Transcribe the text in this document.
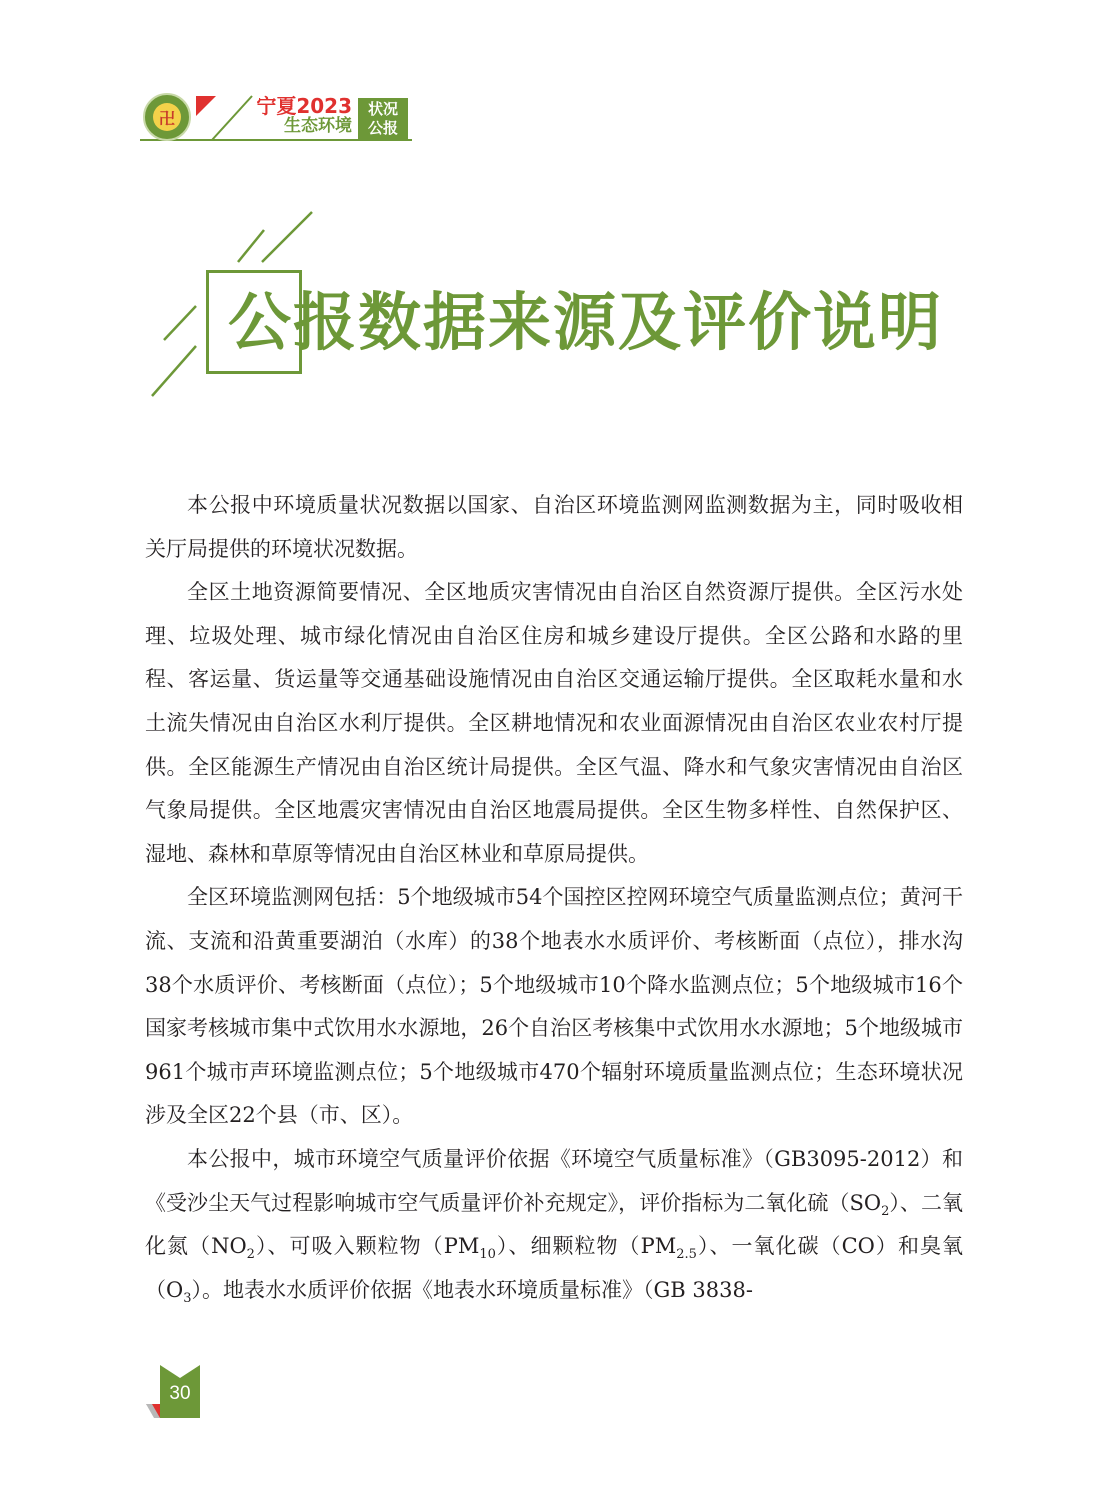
卍	宁夏2023
生态环境
状况
公报
公报数据来源及评价说明

本公报中环境质量状况数据以国家、自治区环境监测网监测数据为主，同时吸收相关厅局提供的环境状况数据。

全区土地资源简要情况、全区地质灾害情况由自治区自然资源厅提供。全区污水处理、垃圾处理、城市绿化情况由自治区住房和城乡建设厅提供。全区公路和水路的里程、客运量、货运量等交通基础设施情况由自治区交通运输厅提供。全区取耗水量和水土流失情况由自治区水利厅提供。全区耕地情况和农业面源情况由自治区农业农村厅提供。全区能源生产情况由自治区统计局提供。全区气温、降水和气象灾害情况由自治区气象局提供。全区地震灾害情况由自治区地震局提供。全区生物多样性、自然保护区、湿地、森林和草原等情况由自治区林业和草原局提供。

全区环境监测网包括：5个地级城市54个国控区控网环境空气质量监测点位；黄河干流、支流和沿黄重要湖泊（水库）的38个地表水水质评价、考核断面（点位），排水沟38个水质评价、考核断面（点位）；5个地级城市10个降水监测点位；5个地级城市16个国家考核城市集中式饮用水水源地，26个自治区考核集中式饮用水水源地；5个地级城市961个城市声环境监测点位；5个地级城市470个辐射环境质量监测点位；生态环境状况涉及全区22个县（市、区）。

本公报中，城市环境空气质量评价依据《环境空气质量标准》（GB3095-2012）和《受沙尘天气过程影响城市空气质量评价补充规定》，评价指标为二氧化硫$(SO_2)$、二氧化氮$(NO_2)$、可吸入颗粒物$(PM_{10})$、细颗粒物$(PM_{2.5})$、一氧化碳（CO）和臭氧$(O_3)$。地表水水质评价依据《地表水环境质量标准》（GB 3838-

30
